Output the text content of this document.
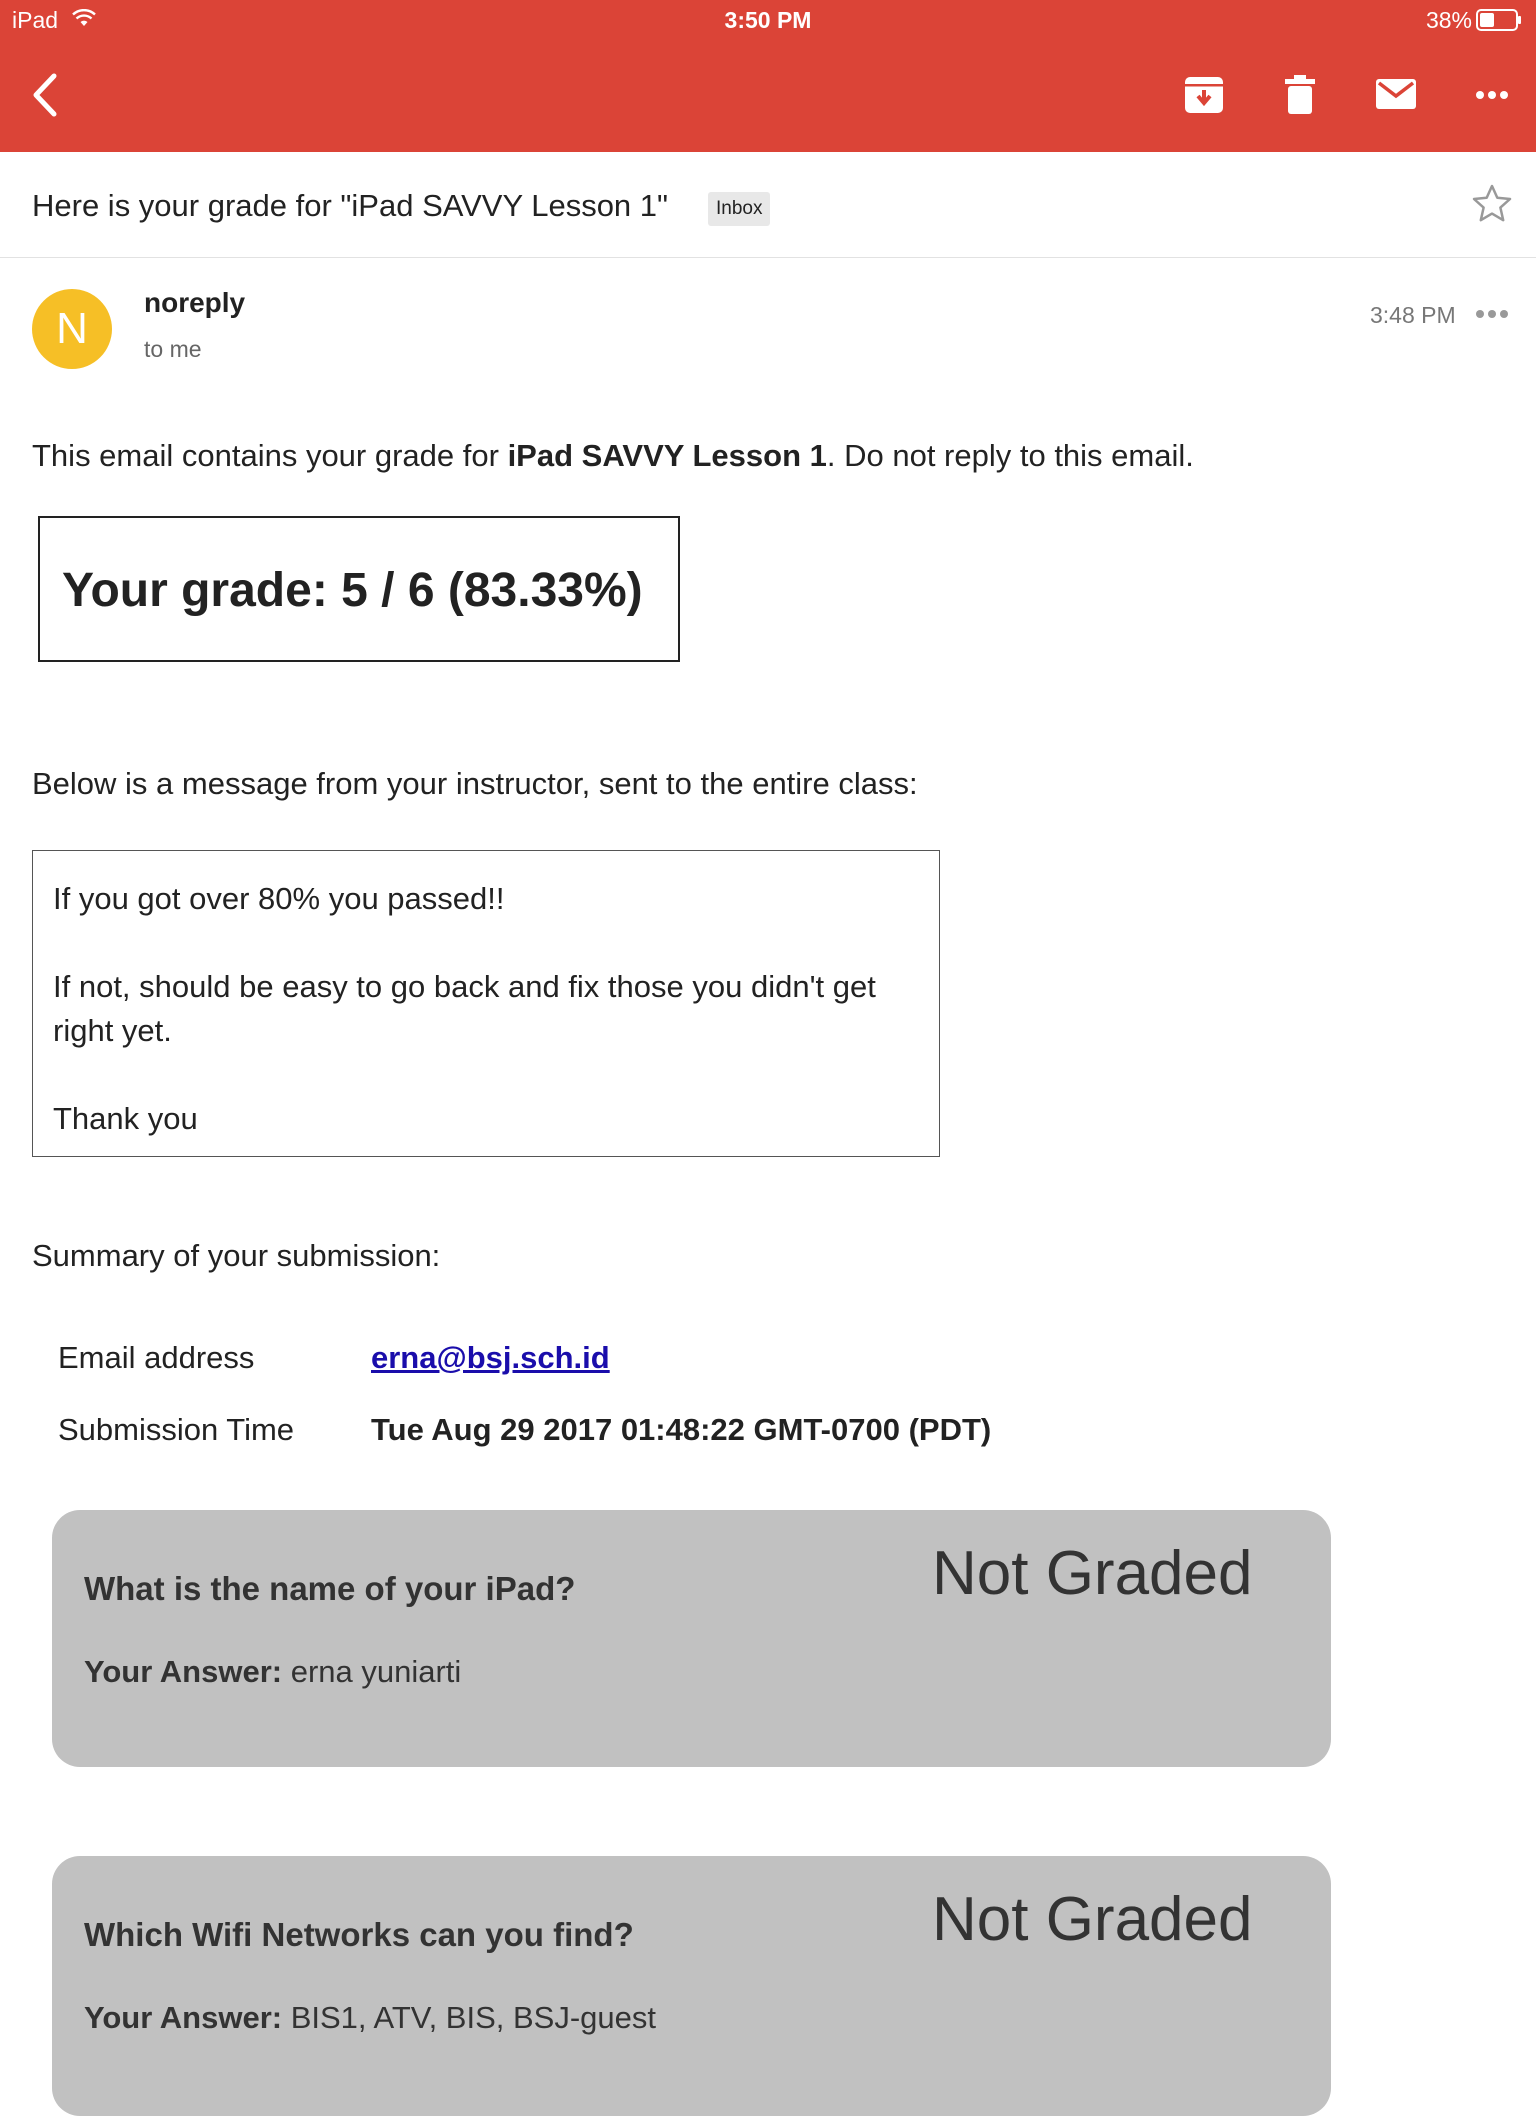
iPad	3:50 PM	38%
Here is your grade for "iPad SAVVY Lesson 1"	Inbox
N
noreply
to me
3:48 PM
This email contains your grade for iPad SAVVY Lesson 1. Do not reply to this email.
Your grade: 5 / 6 (83.33%)
Below is a message from your instructor, sent to the entire class:

If you got over 80% you passed!!

If not, should be easy to go back and fix those you didn't get right yet.

Thank you

Summary of your submission:
Email address	erna@bsj.sch.id
Submission Time Tue Aug 29 2017 01:48:22 GMT-0700 (PDT)
What is the name of your iPad?	Not Graded
Your Answer: erna yuniarti
Which Wifi Networks can you find?	Not Graded
Your Answer: BIS1, ATV, BIS, BSJ-guest
